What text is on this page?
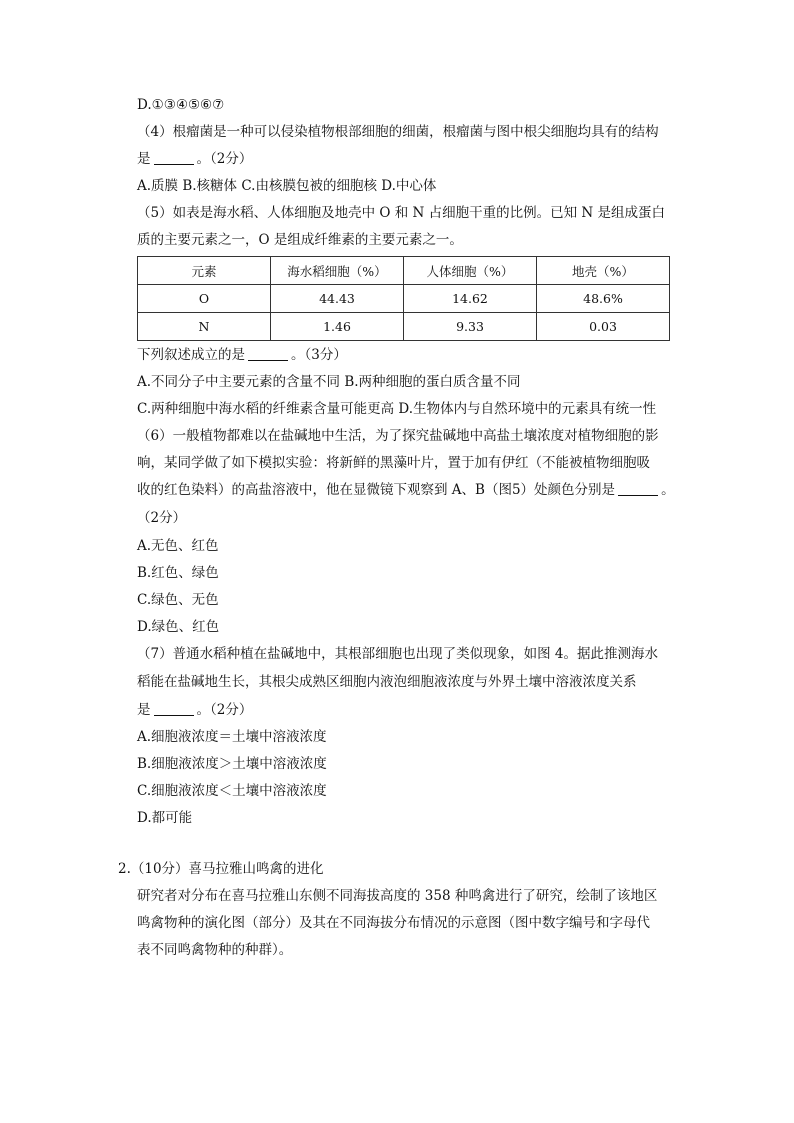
D.①③④⑤⑥⑦
（4）根瘤菌是一种可以侵染植物根部细胞的细菌，根瘤菌与图中根尖细胞均具有的结构
是	。（2分）
A.质膜 B.核糖体 C.由核膜包被的细胞核 D.中心体
（5）如表是海水稻、人体细胞及地壳中 O 和 N 占细胞干重的比例。已知 N 是组成蛋白
质的主要元素之一，O 是组成纤维素的主要元素之一。
元素	海水稻细胞（%）	人体细胞（%）	地壳（%）
O	44.43	14.62	48.6%
N	1.46	9.33	0.03
下列叙述成立的是	。（3分）
A.不同分子中主要元素的含量不同 B.两种细胞的蛋白质含量不同
C.两种细胞中海水稻的纤维素含量可能更高 D.生物体内与自然环境中的元素具有统一性
（6）一般植物都难以在盐碱地中生活，为了探究盐碱地中高盐土壤浓度对植物细胞的影
响，某同学做了如下模拟实验：将新鲜的黑藻叶片，置于加有伊红（不能被植物细胞吸
收的红色染料）的高盐溶液中，他在显微镜下观察到 A、B（图5）处颜色分别是	。
（2分）
A.无色、红色
B.红色、绿色
C.绿色、无色
D.绿色、红色
（7）普通水稻种植在盐碱地中，其根部细胞也出现了类似现象，如图 4。据此推测海水
稻能在盐碱地生长，其根尖成熟区细胞内液泡细胞液浓度与外界土壤中溶液浓度关系
是	。（2分）
A.细胞液浓度＝土壤中溶液浓度
B.细胞液浓度＞土壤中溶液浓度
C.细胞液浓度＜土壤中溶液浓度
D.都可能
2.（10分）喜马拉雅山鸣禽的进化
研究者对分布在喜马拉雅山东侧不同海拔高度的 358 种鸣禽进行了研究，绘制了该地区
鸣禽物种的演化图（部分）及其在不同海拔分布情况的示意图（图中数字编号和字母代
表不同鸣禽物种的种群）。
